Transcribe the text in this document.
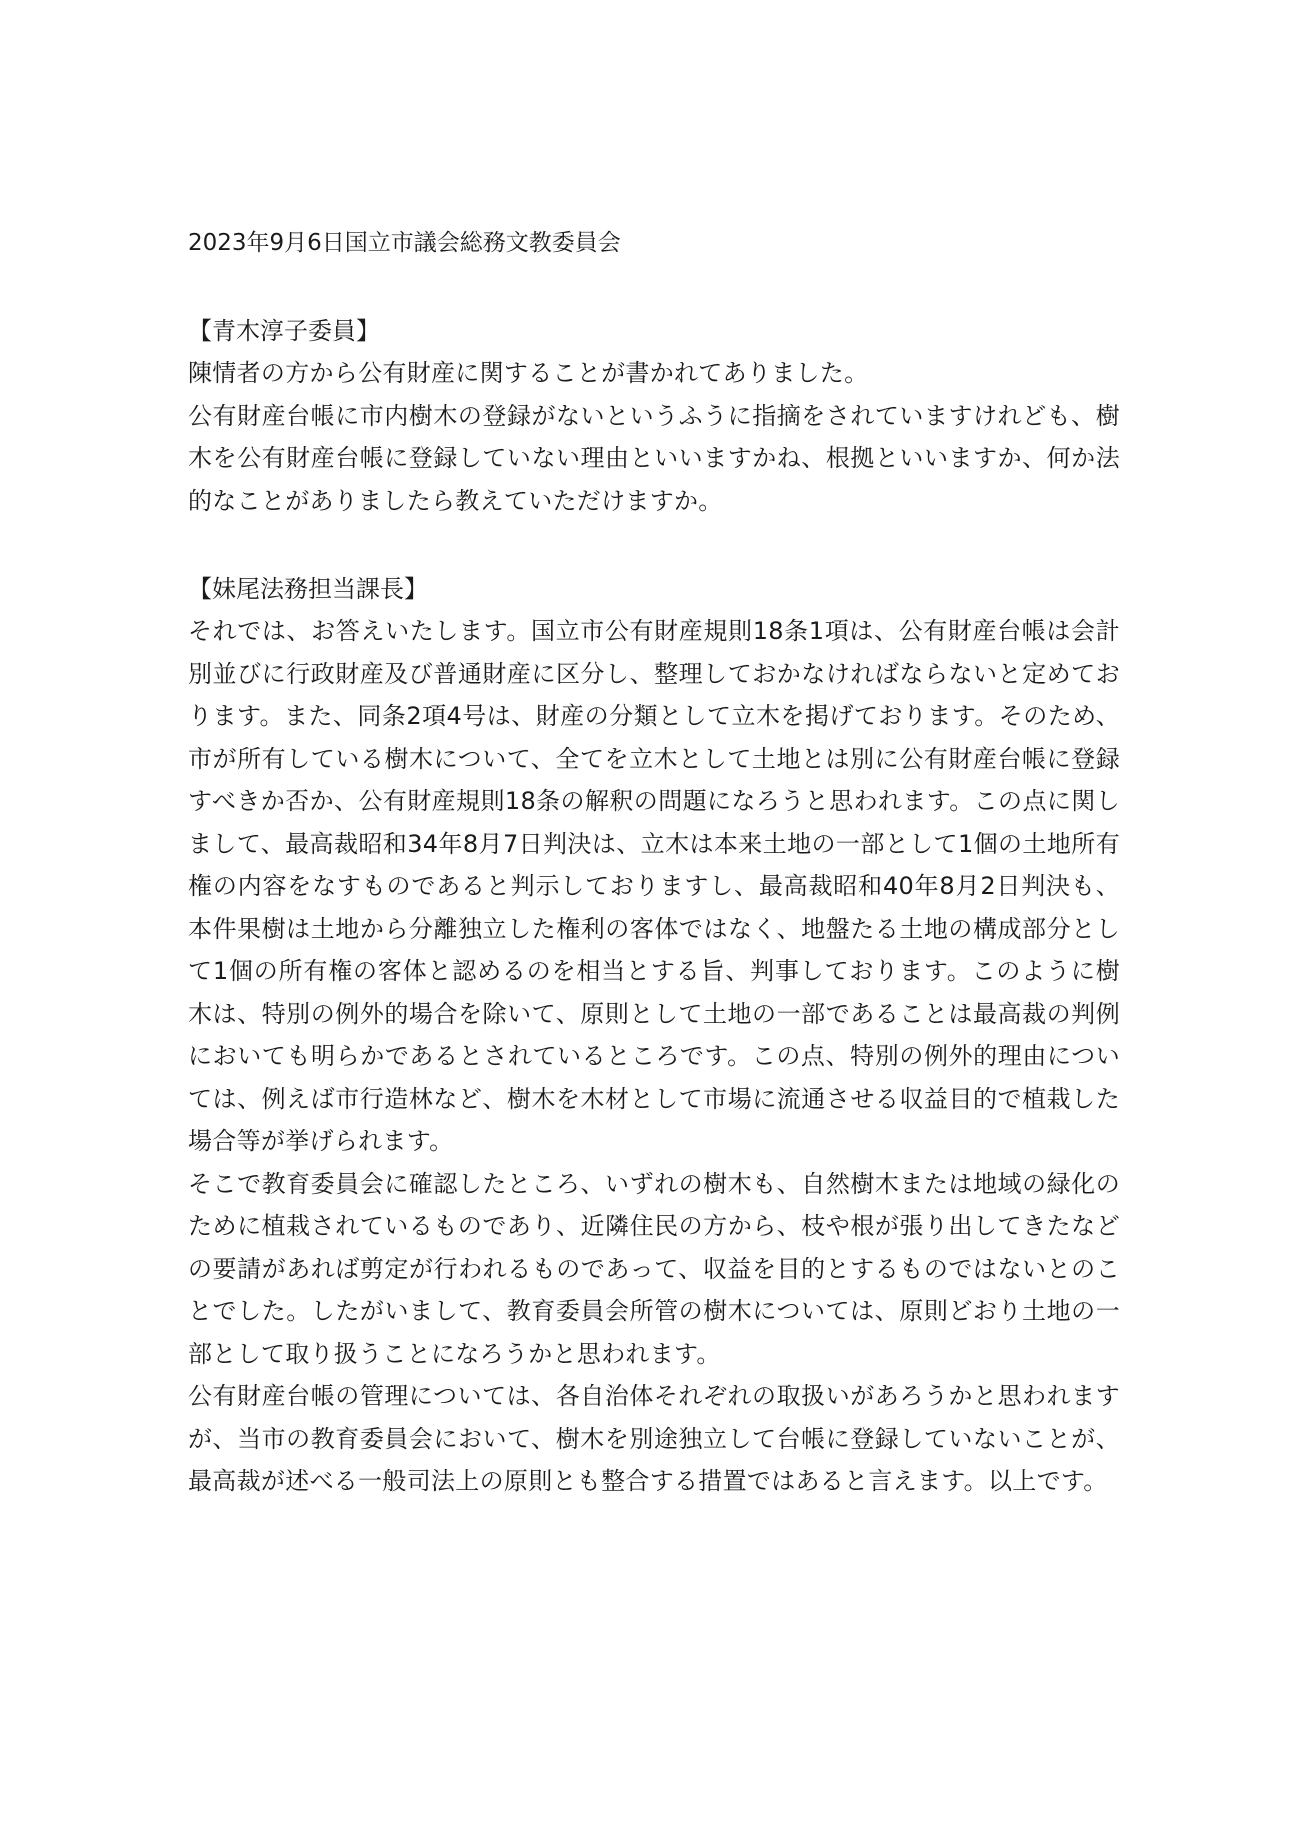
2023年9月6日国立市議会総務文教委員会

【青木淳子委員】

陳情者の方から公有財産に関することが書かれてありました。

公有財産台帳に市内樹木の登録がないというふうに指摘をされていますけれども、樹木を公有財産台帳に登録していない理由といいますかね、根拠といいますか、何か法的なことがありましたら教えていただけますか。

【妹尾法務担当課長】

それでは、お答えいたします。国立市公有財産規則18条1項は、公有財産台帳は会計別並びに行政財産及び普通財産に区分し、整理しておかなければならないと定めております。また、同条2項4号は、財産の分類として立木を掲げております。そのため、市が所有している樹木について、全てを立木として土地とは別に公有財産台帳に登録すべきか否か、公有財産規則18条の解釈の問題になろうと思われます。この点に関しまして、最高裁昭和34年8月7日判決は、立木は本来土地の一部として1個の土地所有権の内容をなすものであると判示しておりますし、最高裁昭和40年8月2日判決も、本件果樹は土地から分離独立した権利の客体ではなく、地盤たる土地の構成部分として1個の所有権の客体と認めるのを相当とする旨、判事しております。このように樹木は、特別の例外的場合を除いて、原則として土地の一部であることは最高裁の判例においても明らかであるとされているところです。この点、特別の例外的理由については、例えば市行造林など、樹木を木材として市場に流通させる収益目的で植栽した場合等が挙げられます。

そこで教育委員会に確認したところ、いずれの樹木も、自然樹木または地域の緑化のために植栽されているものであり、近隣住民の方から、枝や根が張り出してきたなどの要請があれば剪定が行われるものであって、収益を目的とするものではないとのことでした。したがいまして、教育委員会所管の樹木については、原則どおり土地の一部として取り扱うことになろうかと思われます。

公有財産台帳の管理については、各自治体それぞれの取扱いがあろうかと思われますが、当市の教育委員会において、樹木を別途独立して台帳に登録していないことが、最高裁が述べる一般司法上の原則とも整合する措置ではあると言えます。以上です。
